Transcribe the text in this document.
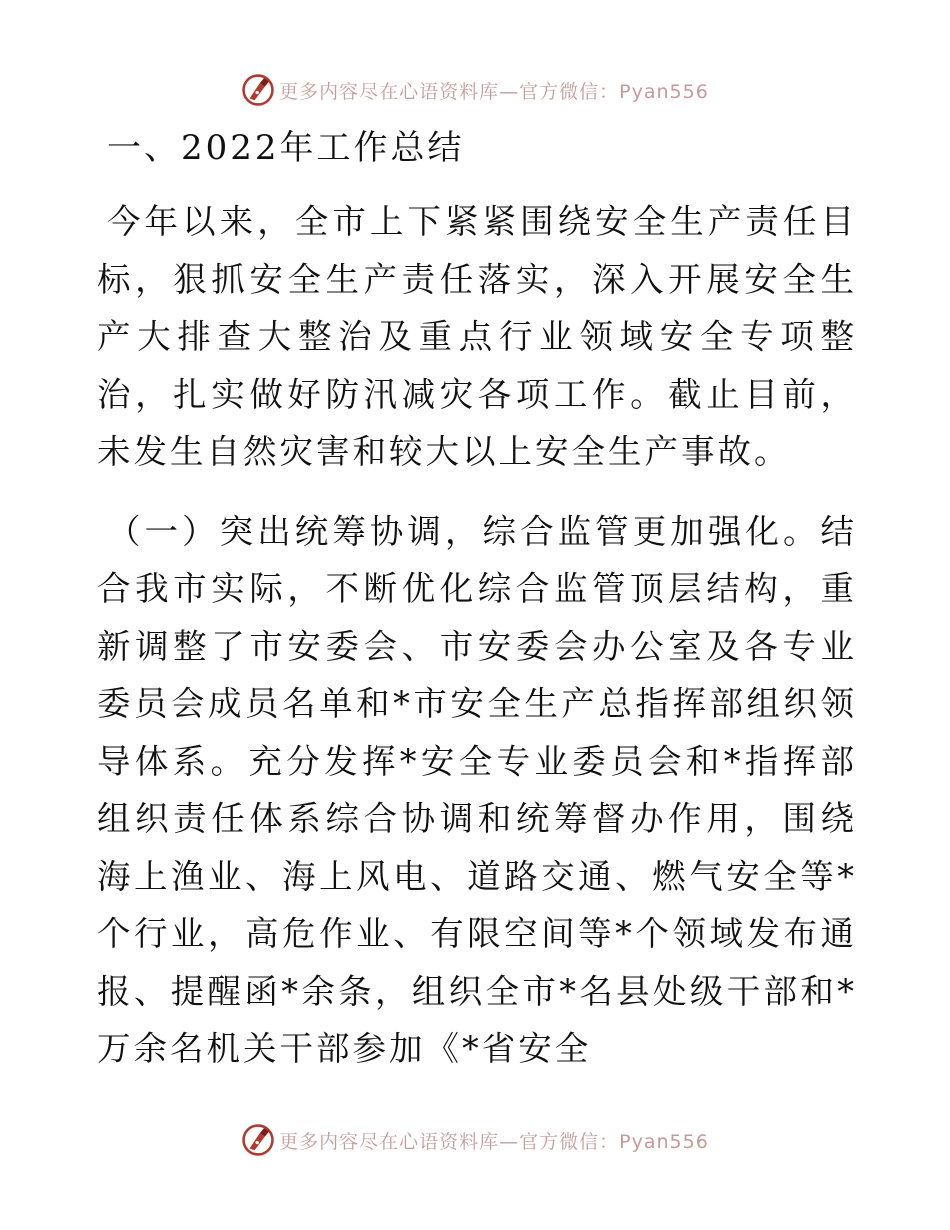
更多内容尽在心语资料库—官方微信：Pyan556
一、2022年工作总结

今年以来，全市上下紧紧围绕安全生产责任目标，狠抓安全生产责任落实，深入开展安全生产大排查大整治及重点行业领域安全专项整治，扎实做好防汛减灾各项工作。截止目前，未发生自然灾害和较大以上安全生产事故。

（一）突出统筹协调，综合监管更加强化。结合我市实际，不断优化综合监管顶层结构，重新调整了市安委会、市安委会办公室及各专业委员会成员名单和*市安全生产总指挥部组织领导体系。充分发挥*安全专业委员会和*指挥部组织责任体系综合协调和统筹督办作用，围绕海上渔业、海上风电、道路交通、燃气安全等*个行业，高危作业、有限空间等*个领域发布通报、提醒函*余条，组织全市*名县处级干部和*万余名机关干部参加《*省安全

更多内容尽在心语资料库—官方微信：Pyan556
